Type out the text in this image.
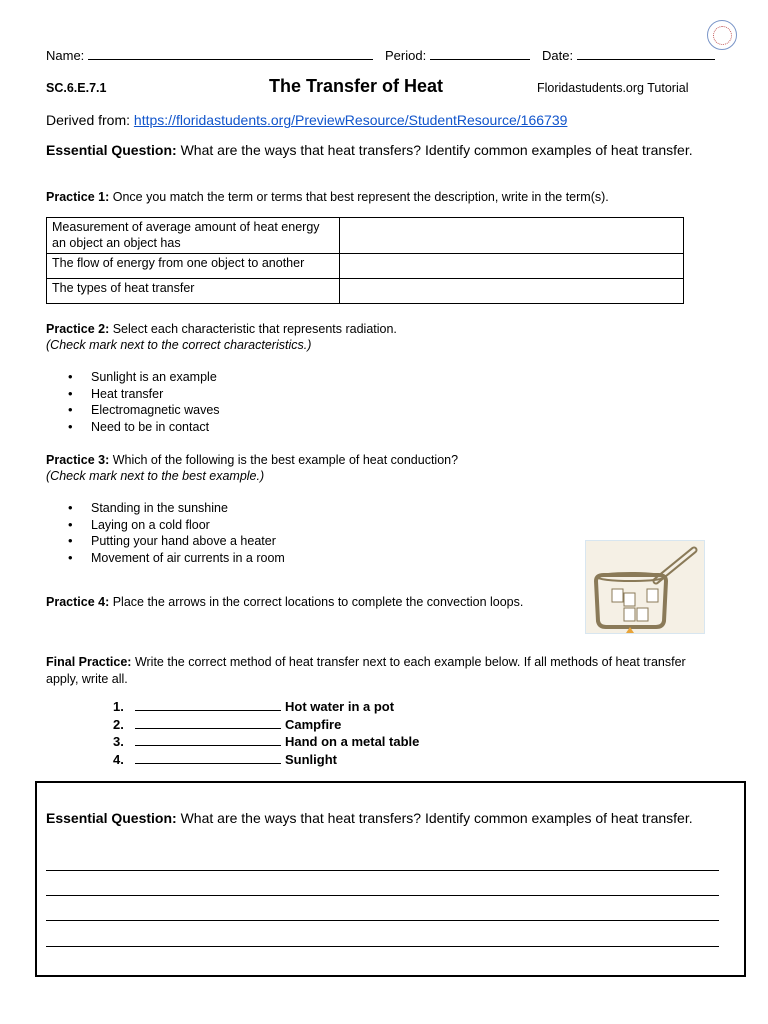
Name:	Period:	Date:
SC.6.E.7.1	The Transfer of Heat	Floridastudents.org Tutorial
Derived from: https://floridastudents.org/PreviewResource/StudentResource/166739
Essential Question: What are the ways that heat transfers? Identify common examples of heat transfer.
Practice 1: Once you match the term or terms that best represent the description, write in the term(s).
Measurement of average amount of heat energy an object an object has	
The flow of energy from one object to another	
The types of heat transfer	
Practice 2: Select each characteristic that represents radiation.
(Check mark next to the correct characteristics.)
• Sunlight is an example
• Heat transfer
• Electromagnetic waves
• Need to be in contact
Practice 3: Which of the following is the best example of heat conduction?
(Check mark next to the best example.)
• Standing in the sunshine
• Laying on a cold floor
• Putting your hand above a heater
• Movement of air currents in a room
Practice 4: Place the arrows in the correct locations to complete the convection loops.
Final Practice: Write the correct method of heat transfer next to each example below. If all methods of heat transfer apply, write all.
1.	Hot water in a pot
2.	Campfire
3.	Hand on a metal table
4.	Sunlight
Essential Question: What are the ways that heat transfers? Identify common examples of heat transfer.
